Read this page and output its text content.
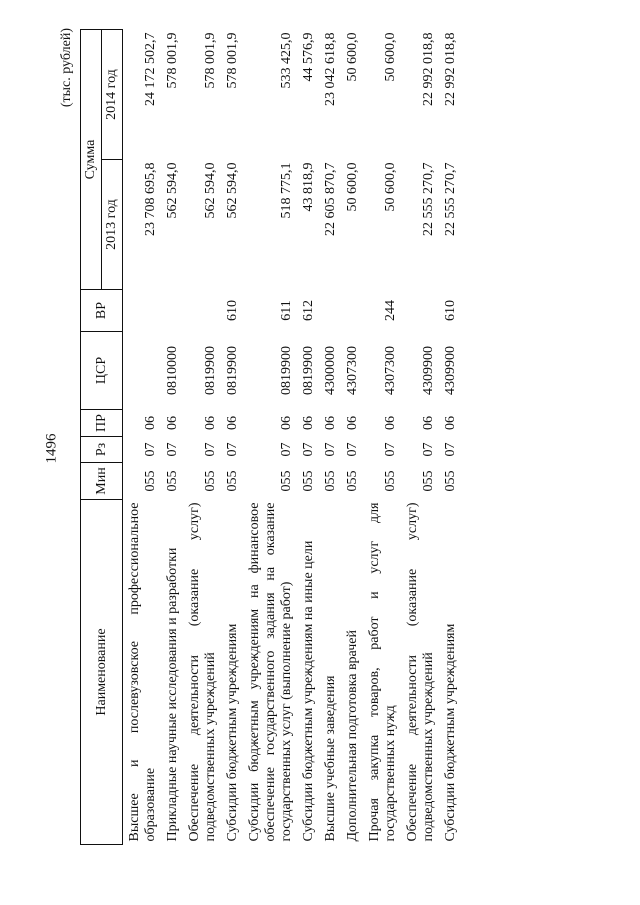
1496
(тыс. рублей)
Наименование	Мин	Рз	ПР	ЦСР	ВР	Сумма	
						2013 год	2014 год
Высшее и послевузовское профессиональное образование	055	07	06			23 708 695,8	24 172 502,7
Прикладные научные исследования и разработки	055	07	06	0810000		562 594,0	578 001,9
Обеспечение деятельности (оказание услуг) подведомственных учреждений	055	07	06	0819900		562 594,0	578 001,9
Субсидии бюджетным учреждениям	055	07	06	0819900	610	562 594,0	578 001,9
Субсидии бюджетным учреждениям на финансовое обеспечение государственного задания на оказание государственных услуг (выполнение работ)	055	07	06	0819900	611	518 775,1	533 425,0
Субсидии бюджетным учреждениям на иные цели	055	07	06	0819900	612	43 818,9	44 576,9
Высшие учебные заведения	055	07	06	4300000		22 605 870,7	23 042 618,8
Дополнительная подготовка врачей	055	07	06	4307300		50 600,0	50 600,0
Прочая закупка товаров, работ и услуг для государственных нужд	055	07	06	4307300	244	50 600,0	50 600,0
Обеспечение деятельности (оказание услуг) подведомственных учреждений	055	07	06	4309900		22 555 270,7	22 992 018,8
Субсидии бюджетным учреждениям	055	07	06	4309900	610	22 555 270,7	22 992 018,8
